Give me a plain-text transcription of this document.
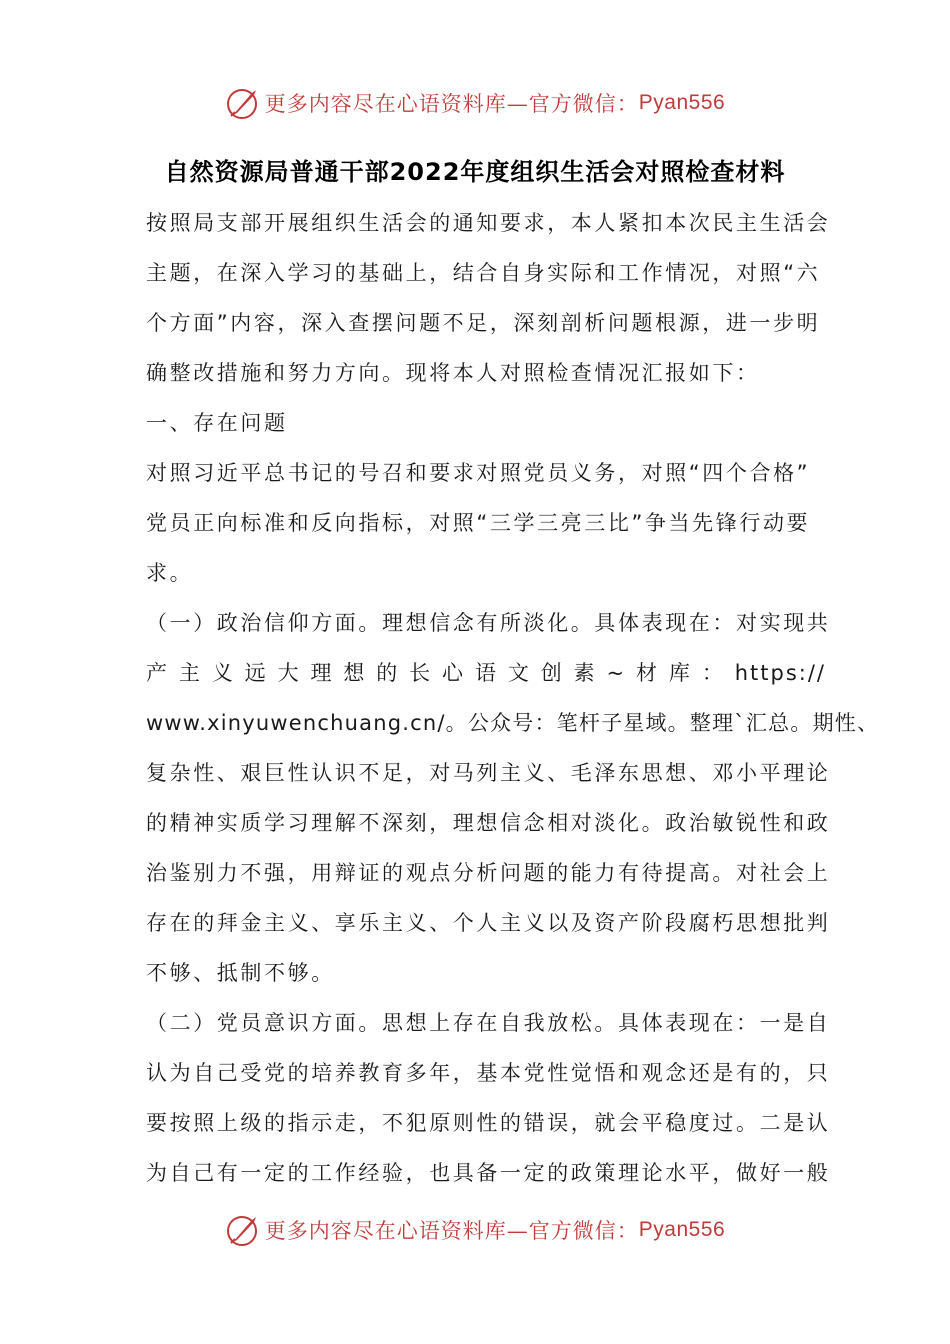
更多内容尽在心语资料库—官方微信： Pyan556
自然资源局普通干部2022年度组织生活会对照检查材料
按照局支部开展组织生活会的通知要求，本人紧扣本次民主生活会
主题，在深入学习的基础上，结合自身实际和工作情况，对照“六
个方面”内容，深入查摆问题不足，深刻剖析问题根源，进一步明
确整改措施和努力方向。现将本人对照检查情况汇报如下：
一、存在问题
对照习近平总书记的号召和要求对照党员义务，对照“四个合格”
党员正向标准和反向指标，对照“三学三亮三比”争当先锋行动要
求。
（一）政治信仰方面。理想信念有所淡化。具体表现在：对实现共
产主义远大理想的长心语文创素~材库：https://
www.xinyuwenchuang.cn/。公众号：笔杆子星域。整理`汇总。期性、
复杂性、艰巨性认识不足，对马列主义、毛泽东思想、邓小平理论
的精神实质学习理解不深刻，理想信念相对淡化。政治敏锐性和政
治鉴别力不强，用辩证的观点分析问题的能力有待提高。对社会上
存在的拜金主义、享乐主义、个人主义以及资产阶段腐朽思想批判
不够、抵制不够。
（二）党员意识方面。思想上存在自我放松。具体表现在：一是自
认为自己受党的培养教育多年，基本党性觉悟和观念还是有的，只
要按照上级的指示走，不犯原则性的错误，就会平稳度过。二是认
为自己有一定的工作经验，也具备一定的政策理论水平，做好一般
更多内容尽在心语资料库—官方微信： Pyan556
